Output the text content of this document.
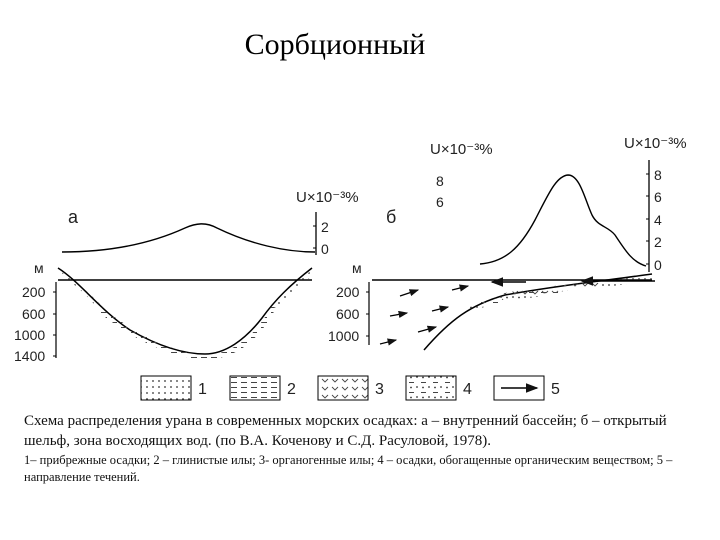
Сорбционный
а
U×10⁻³%
2
0
м
200
600
1000
1400
б
U×10⁻³%
8
6
U×10⁻³%
8
6
4
2
0
м
200
600
1000
1	2	3	4	5
Схема распределения урана в современных морских осадках: а – внутренний бассейн; б – открытый шельф, зона восходящих вод. (по В.А. Коченову и С.Д. Расуловой, 1978).
1– прибрежные осадки; 2 – глинистые илы; 3- органогенные илы; 4 – осадки, обогащенные органическим веществом; 5 – направление течений.
